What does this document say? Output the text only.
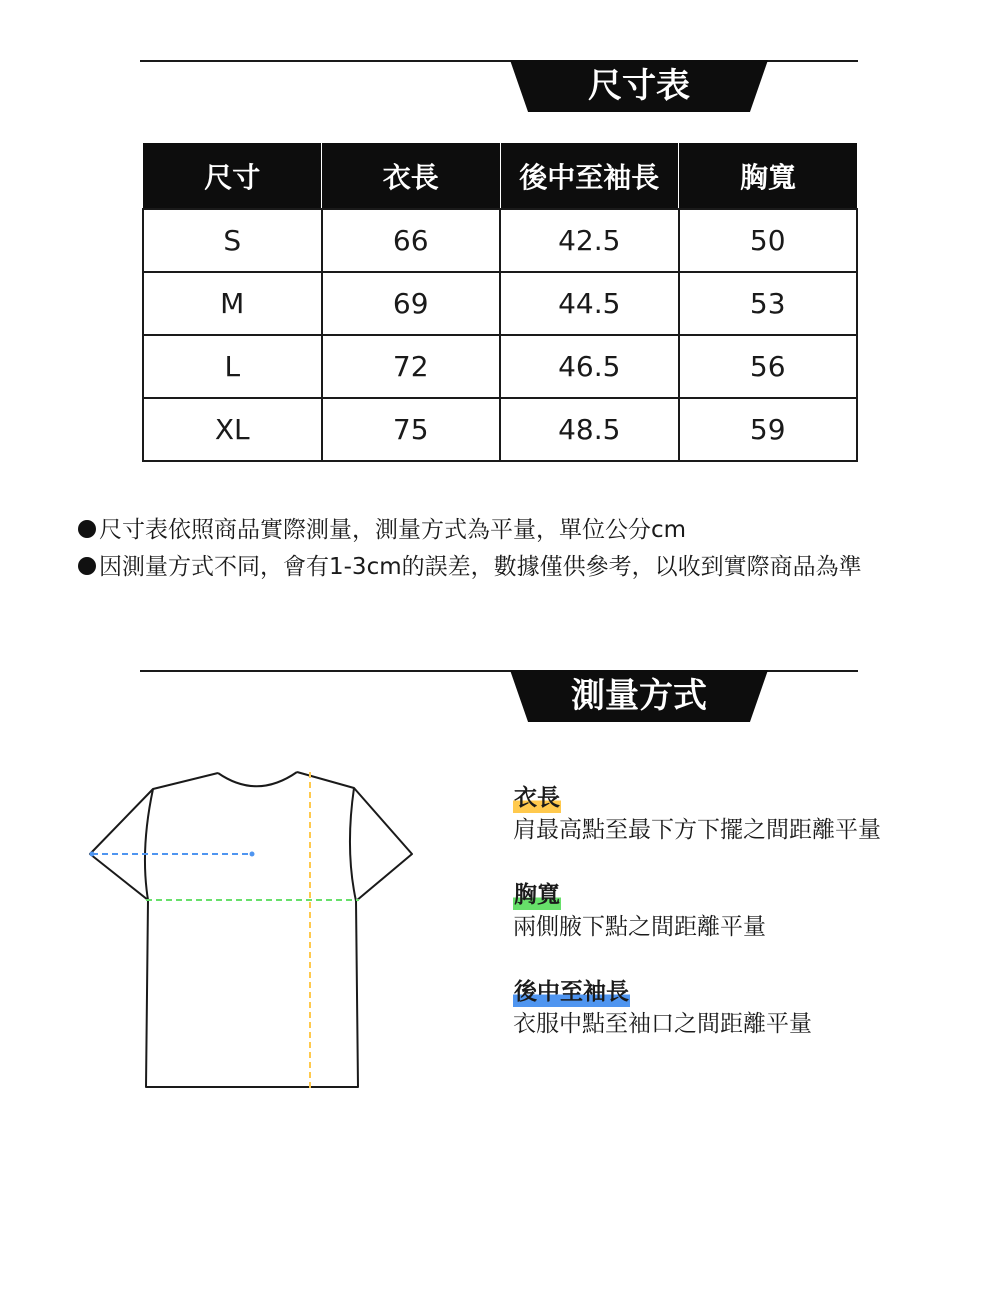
尺寸表
尺寸	衣長	後中至袖長	胸寬
S	66	42.5	50
M	69	44.5	53
L	72	46.5	56
XL	75	48.5	59
尺寸表依照商品實際測量，測量方式為平量，單位公分cm
因測量方式不同，會有1-3cm的誤差，數據僅供參考，以收到實際商品為準
測量方式
衣長
肩最高點至最下方下擺之間距離平量
胸寬
兩側腋下點之間距離平量
後中至袖長
衣服中點至袖口之間距離平量
